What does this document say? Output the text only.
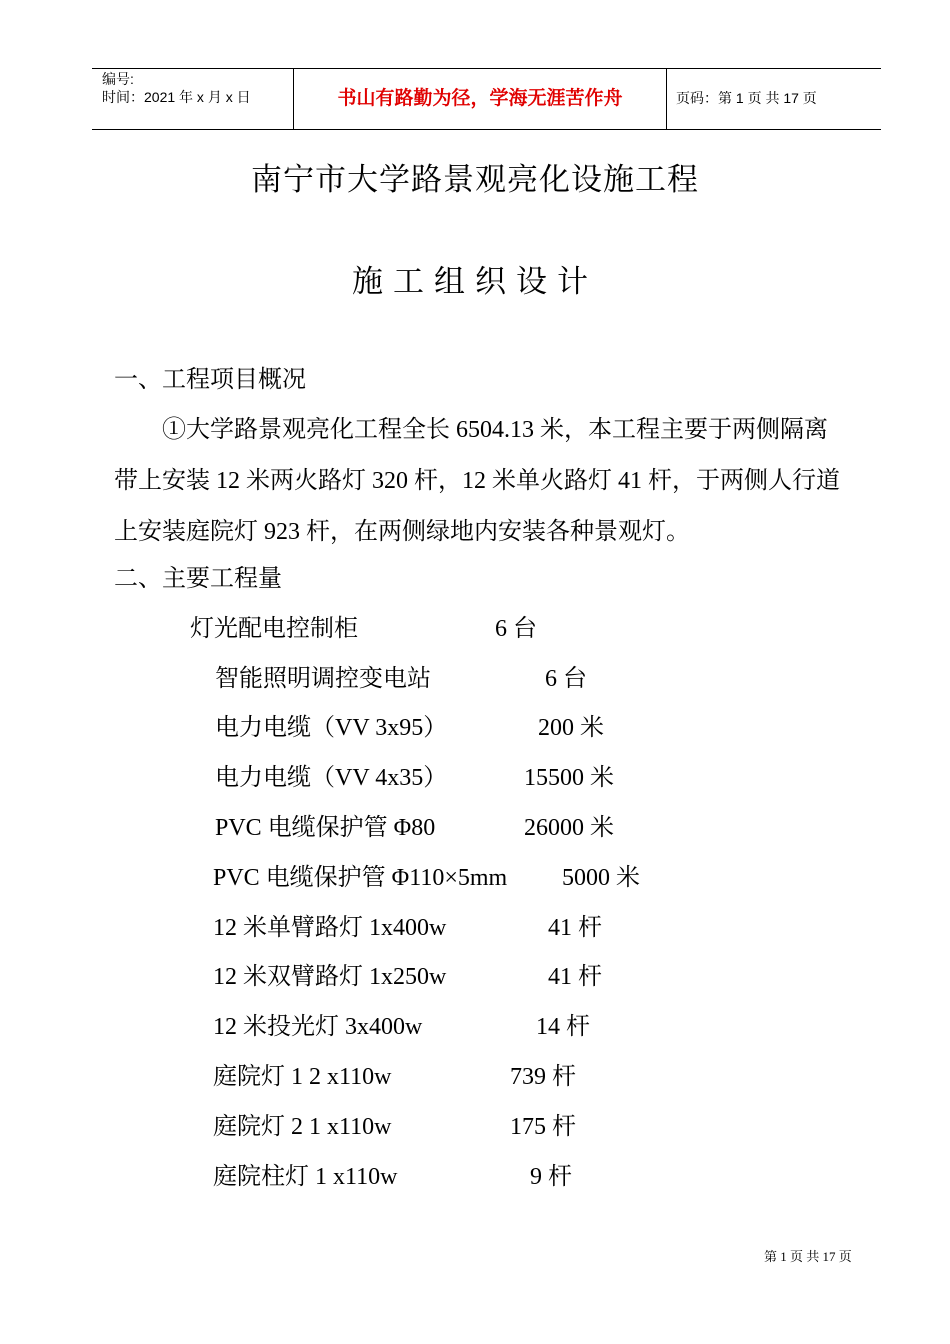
编号:
时间：2021 年 x 月 x 日	书山有路勤为径，学海无涯苦作舟	页码：第 1 页 共 17 页
南宁市大学路景观亮化设施工程
施工组织设计
一、工程项目概况
①大学路景观亮化工程全长 6504.13 米，本工程主要于两侧隔离
带上安装 12 米两火路灯 320 杆，12 米单火路灯 41 杆，于两侧人行道
上安装庭院灯 923 杆，在两侧绿地内安装各种景观灯。
二、主要工程量
灯光配电控制柜	6 台
智能照明调控变电站	6 台
电力电缆（VV 3x95）	200 米
电力电缆（VV 4x35）	15500 米
PVC 电缆保护管 Φ80	26000 米
PVC 电缆保护管 Φ110×5mm 5000 米
12 米单臂路灯 1x400w	41 杆
12 米双臂路灯 1x250w	41 杆
12 米投光灯 3x400w	14 杆
庭院灯 1 2 x110w	739 杆
庭院灯 2 1 x110w	175 杆
庭院柱灯 1 x110w	9 杆
第 1 页 共 17 页
